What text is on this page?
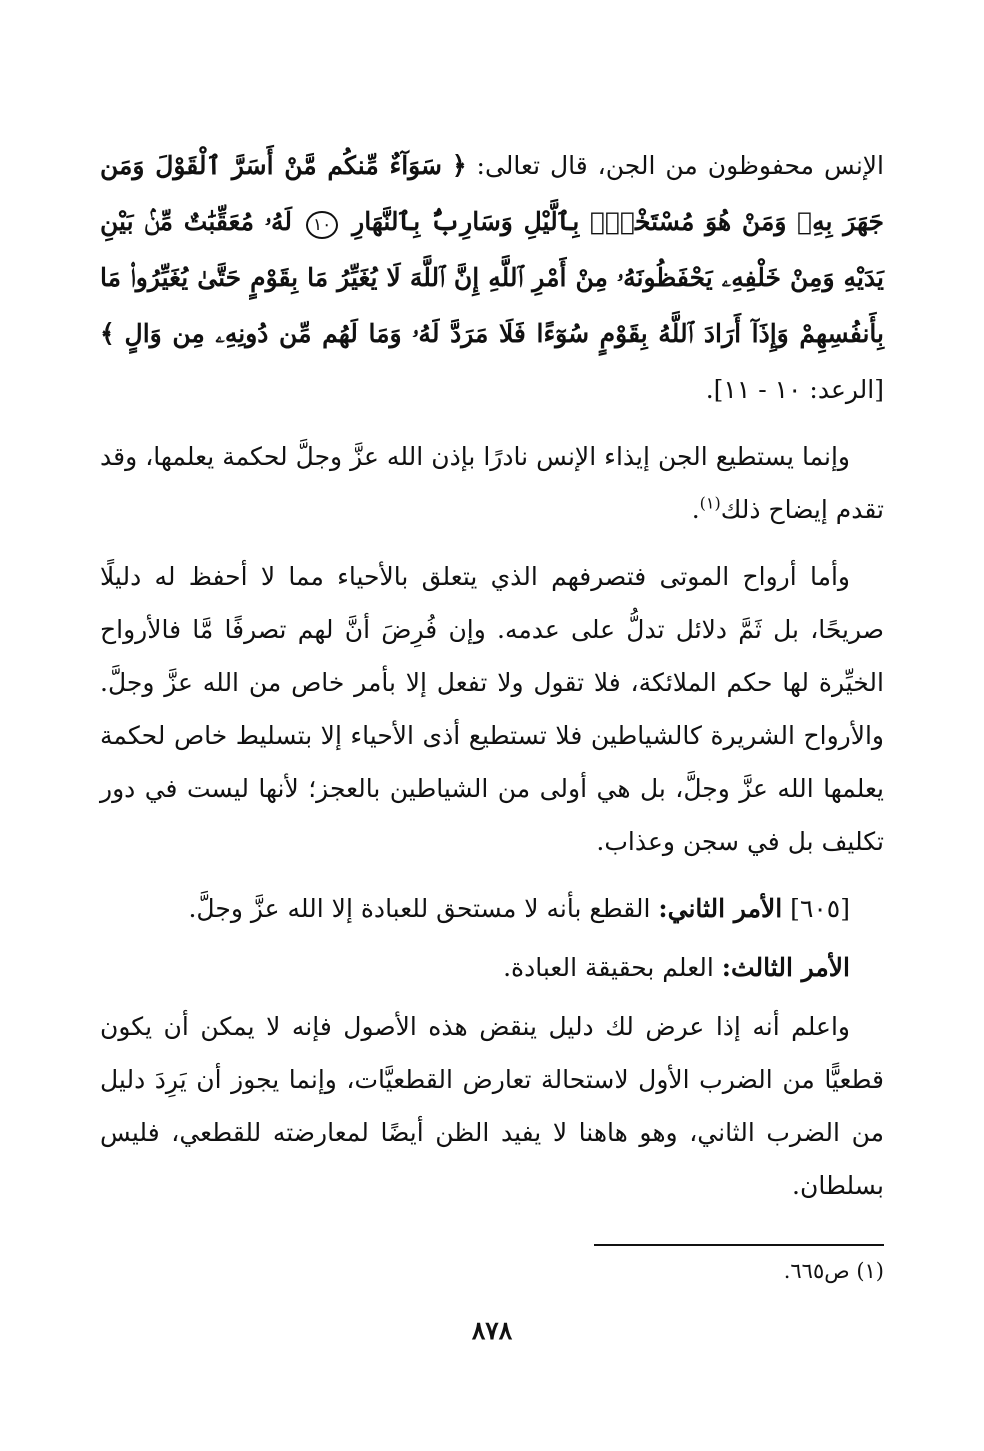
الإنس محفوظون من الجن، قال تعالى: ﴿ سَوَآءٌ مِّنكُم مَّنْ أَسَرَّ ٱلْقَوْلَ وَمَن جَهَرَ بِهِۦ وَمَنْ هُوَ مُسْتَخْفٍۭ بِٱلَّيْلِ وَسَارِبٌۢ بِٱلنَّهَارِ ١٠ لَهُۥ مُعَقِّبَٰتٌ مِّنۢ بَيْنِ يَدَيْهِ وَمِنْ خَلْفِهِۦ يَحْفَظُونَهُۥ مِنْ أَمْرِ ٱللَّهِ إِنَّ ٱللَّهَ لَا يُغَيِّرُ مَا بِقَوْمٍ حَتَّىٰ يُغَيِّرُوا۟ مَا بِأَنفُسِهِمْ وَإِذَآ أَرَادَ ٱللَّهُ بِقَوْمٍ سُوٓءًا فَلَا مَرَدَّ لَهُۥ وَمَا لَهُم مِّن دُونِهِۦ مِن وَالٍ ﴾ [الرعد: ١٠ - ١١].

وإنما يستطيع الجن إيذاء الإنس نادرًا بإذن الله عزَّ وجلَّ لحكمة يعلمها، وقد تقدم إيضاح ذلك$^{(١)}$.

وأما أرواح الموتى فتصرفهم الذي يتعلق بالأحياء مما لا أحفظ له دليلًا صريحًا، بل ثَمَّ دلائل تدلُّ على عدمه. وإن فُرِضَ أنَّ لهم تصرفًا مَّا فالأرواح الخيِّرة لها حكم الملائكة، فلا تقول ولا تفعل إلا بأمر خاص من الله عزَّ وجلَّ. والأرواح الشريرة كالشياطين فلا تستطيع أذى الأحياء إلا بتسليط خاص لحكمة يعلمها الله عزَّ وجلَّ، بل هي أولى من الشياطين بالعجز؛ لأنها ليست في دور تكليف بل في سجن وعذاب.

[٦٠٥] الأمر الثاني: القطع بأنه لا مستحق للعبادة إلا الله عزَّ وجلَّ.

الأمر الثالث: العلم بحقيقة العبادة.

واعلم أنه إذا عرض لك دليل ينقض هذه الأصول فإنه لا يمكن أن يكون قطعيًّا من الضرب الأول لاستحالة تعارض القطعيَّات، وإنما يجوز أن يَرِدَ دليل من الضرب الثاني، وهو هاهنا لا يفيد الظن أيضًا لمعارضته للقطعي، فليس بسلطان.

(١) ص٦٦٥.
٨٧٨
